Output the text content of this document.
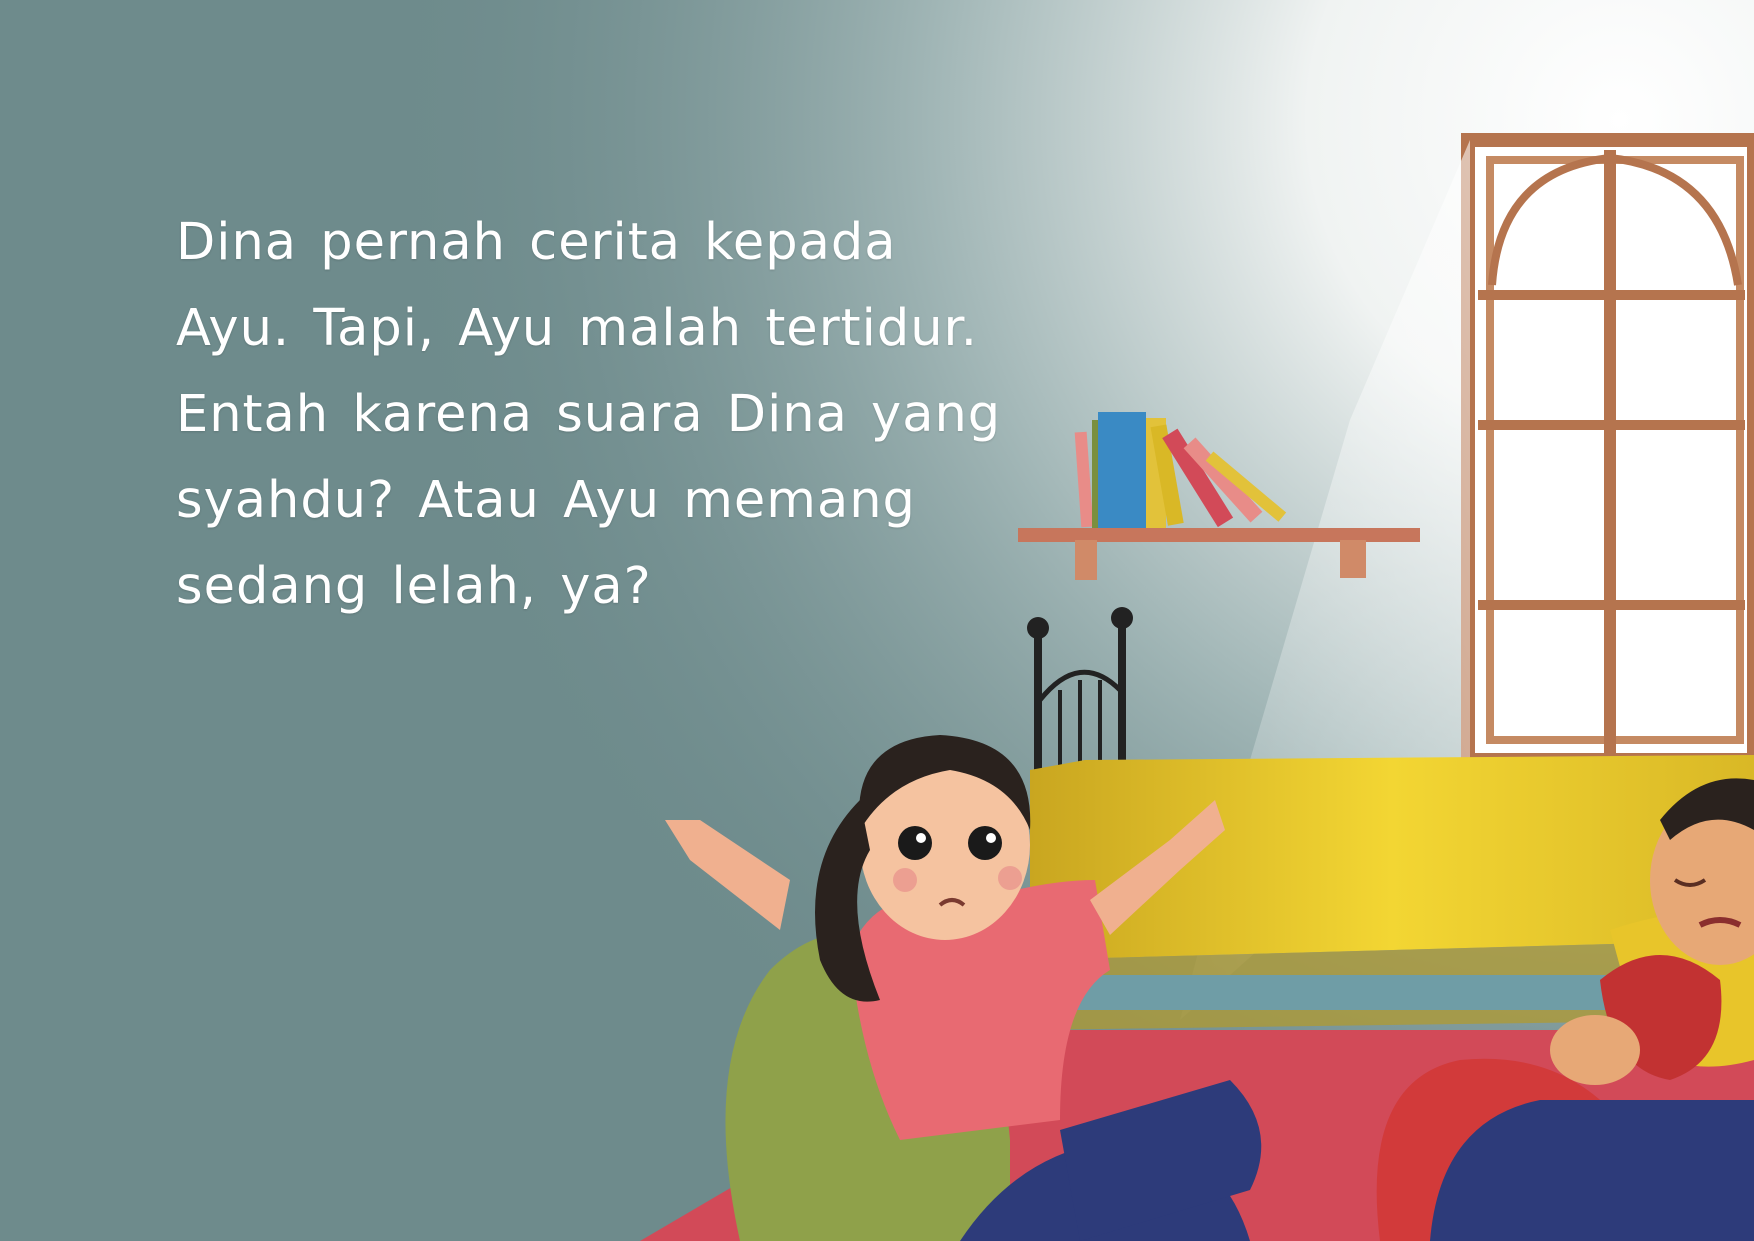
Dina pernah cerita kepada
Ayu. Tapi, Ayu malah tertidur.
Entah karena suara Dina yang
syahdu? Atau Ayu memang
sedang lelah, ya?
